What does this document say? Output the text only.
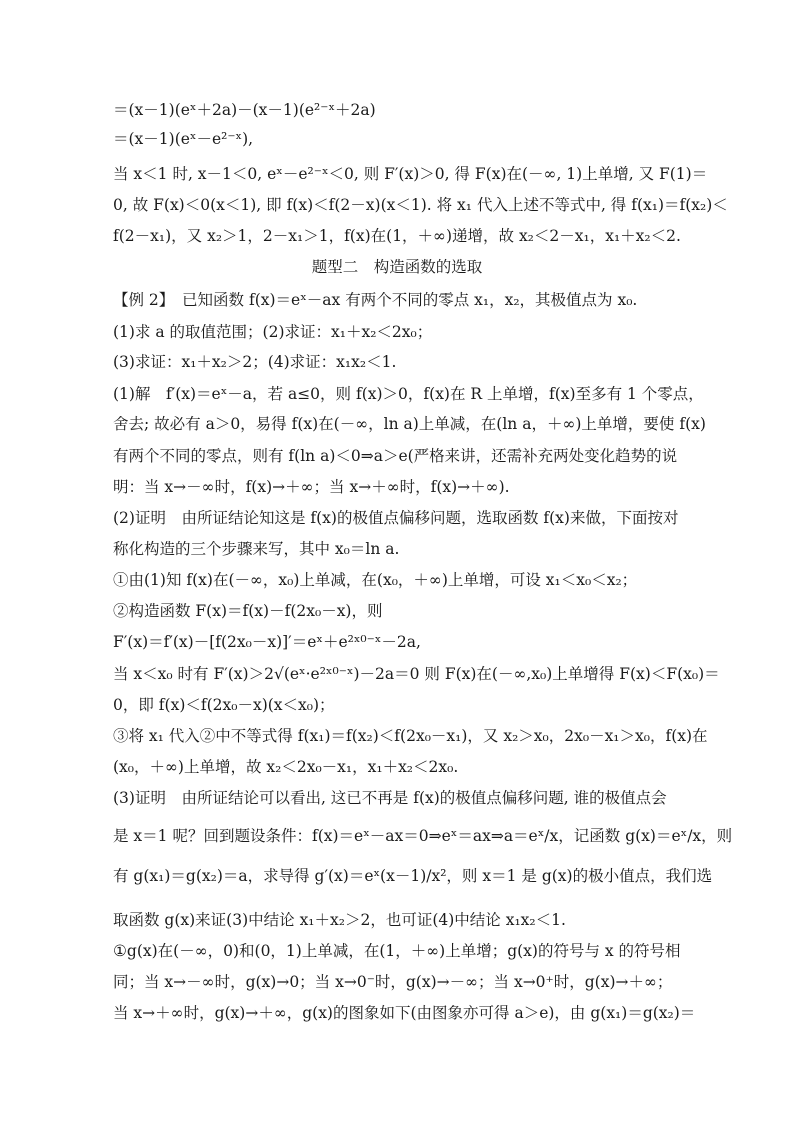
＝(x－1)(eˣ＋2a)－(x－1)(e²⁻ˣ＋2a)
＝(x－1)(eˣ－e²⁻ˣ),
当 x＜1 时, x－1＜0, eˣ－e²⁻ˣ＜0, 则 F′(x)＞0, 得 F(x)在(－∞, 1)上单增, 又 F(1)＝
0, 故 F(x)＜0(x＜1), 即 f(x)＜f(2－x)(x＜1). 将 x₁ 代入上述不等式中, 得 f(x₁)＝f(x₂)＜
f(2－x₁)，又 x₂＞1，2－x₁＞1，f(x)在(1，＋∞)递增，故 x₂＜2－x₁，x₁＋x₂＜2.
题型二　构造函数的选取
【例 2】　已知函数 f(x)＝eˣ－ax 有两个不同的零点 x₁，x₂，其极值点为 x₀.
(1)求 a 的取值范围；(2)求证：x₁＋x₂＜2x₀；
(3)求证：x₁＋x₂＞2；(4)求证：x₁x₂＜1.
(1)解　f′(x)＝eˣ－a，若 a≤0，则 f(x)＞0，f(x)在 R 上单增，f(x)至多有 1 个零点，
舍去; 故必有 a＞0，易得 f(x)在(－∞，ln a)上单减，在(ln a，＋∞)上单增，要使 f(x)
有两个不同的零点，则有 f(ln a)＜0⇒a＞e(严格来讲，还需补充两处变化趋势的说
明：当 x→－∞时，f(x)→＋∞；当 x→＋∞时，f(x)→＋∞).
(2)证明　由所证结论知这是 f(x)的极值点偏移问题，选取函数 f(x)来做，下面按对
称化构造的三个步骤来写，其中 x₀＝ln a.
①由(1)知 f(x)在(－∞，x₀)上单减，在(x₀，＋∞)上单增，可设 x₁＜x₀＜x₂；
②构造函数 F(x)＝f(x)－f(2x₀－x)，则
F′(x)＝f′(x)－[f(2x₀－x)]′＝eˣ＋e²ˣ⁰⁻ˣ－2a,
当 x＜x₀ 时有 F′(x)＞2√(eˣ·e²ˣ⁰⁻ˣ)－2a＝0 则 F(x)在(－∞,x₀)上单增得 F(x)＜F(x₀)＝
0，即 f(x)＜f(2x₀－x)(x＜x₀)；
③将 x₁ 代入②中不等式得 f(x₁)＝f(x₂)＜f(2x₀－x₁)，又 x₂＞x₀，2x₀－x₁＞x₀，f(x)在
(x₀，＋∞)上单增，故 x₂＜2x₀－x₁，x₁＋x₂＜2x₀.
(3)证明　由所证结论可以看出, 这已不再是 f(x)的极值点偏移问题, 谁的极值点会
是 x＝1 呢？回到题设条件：f(x)＝eˣ－ax＝0⇒eˣ＝ax⇒a＝eˣ/x，记函数 g(x)＝eˣ/x，则
有 g(x₁)＝g(x₂)＝a，求导得 g′(x)＝eˣ(x－1)/x²，则 x＝1 是 g(x)的极小值点，我们选
取函数 g(x)来证(3)中结论 x₁＋x₂＞2，也可证(4)中结论 x₁x₂＜1.
①g(x)在(－∞，0)和(0，1)上单减，在(1，＋∞)上单增；g(x)的符号与 x 的符号相
同；当 x→－∞时，g(x)→0；当 x→0⁻时，g(x)→－∞；当 x→0⁺时，g(x)→＋∞；
当 x→＋∞时，g(x)→＋∞，g(x)的图象如下(由图象亦可得 a＞e)，由 g(x₁)＝g(x₂)＝
